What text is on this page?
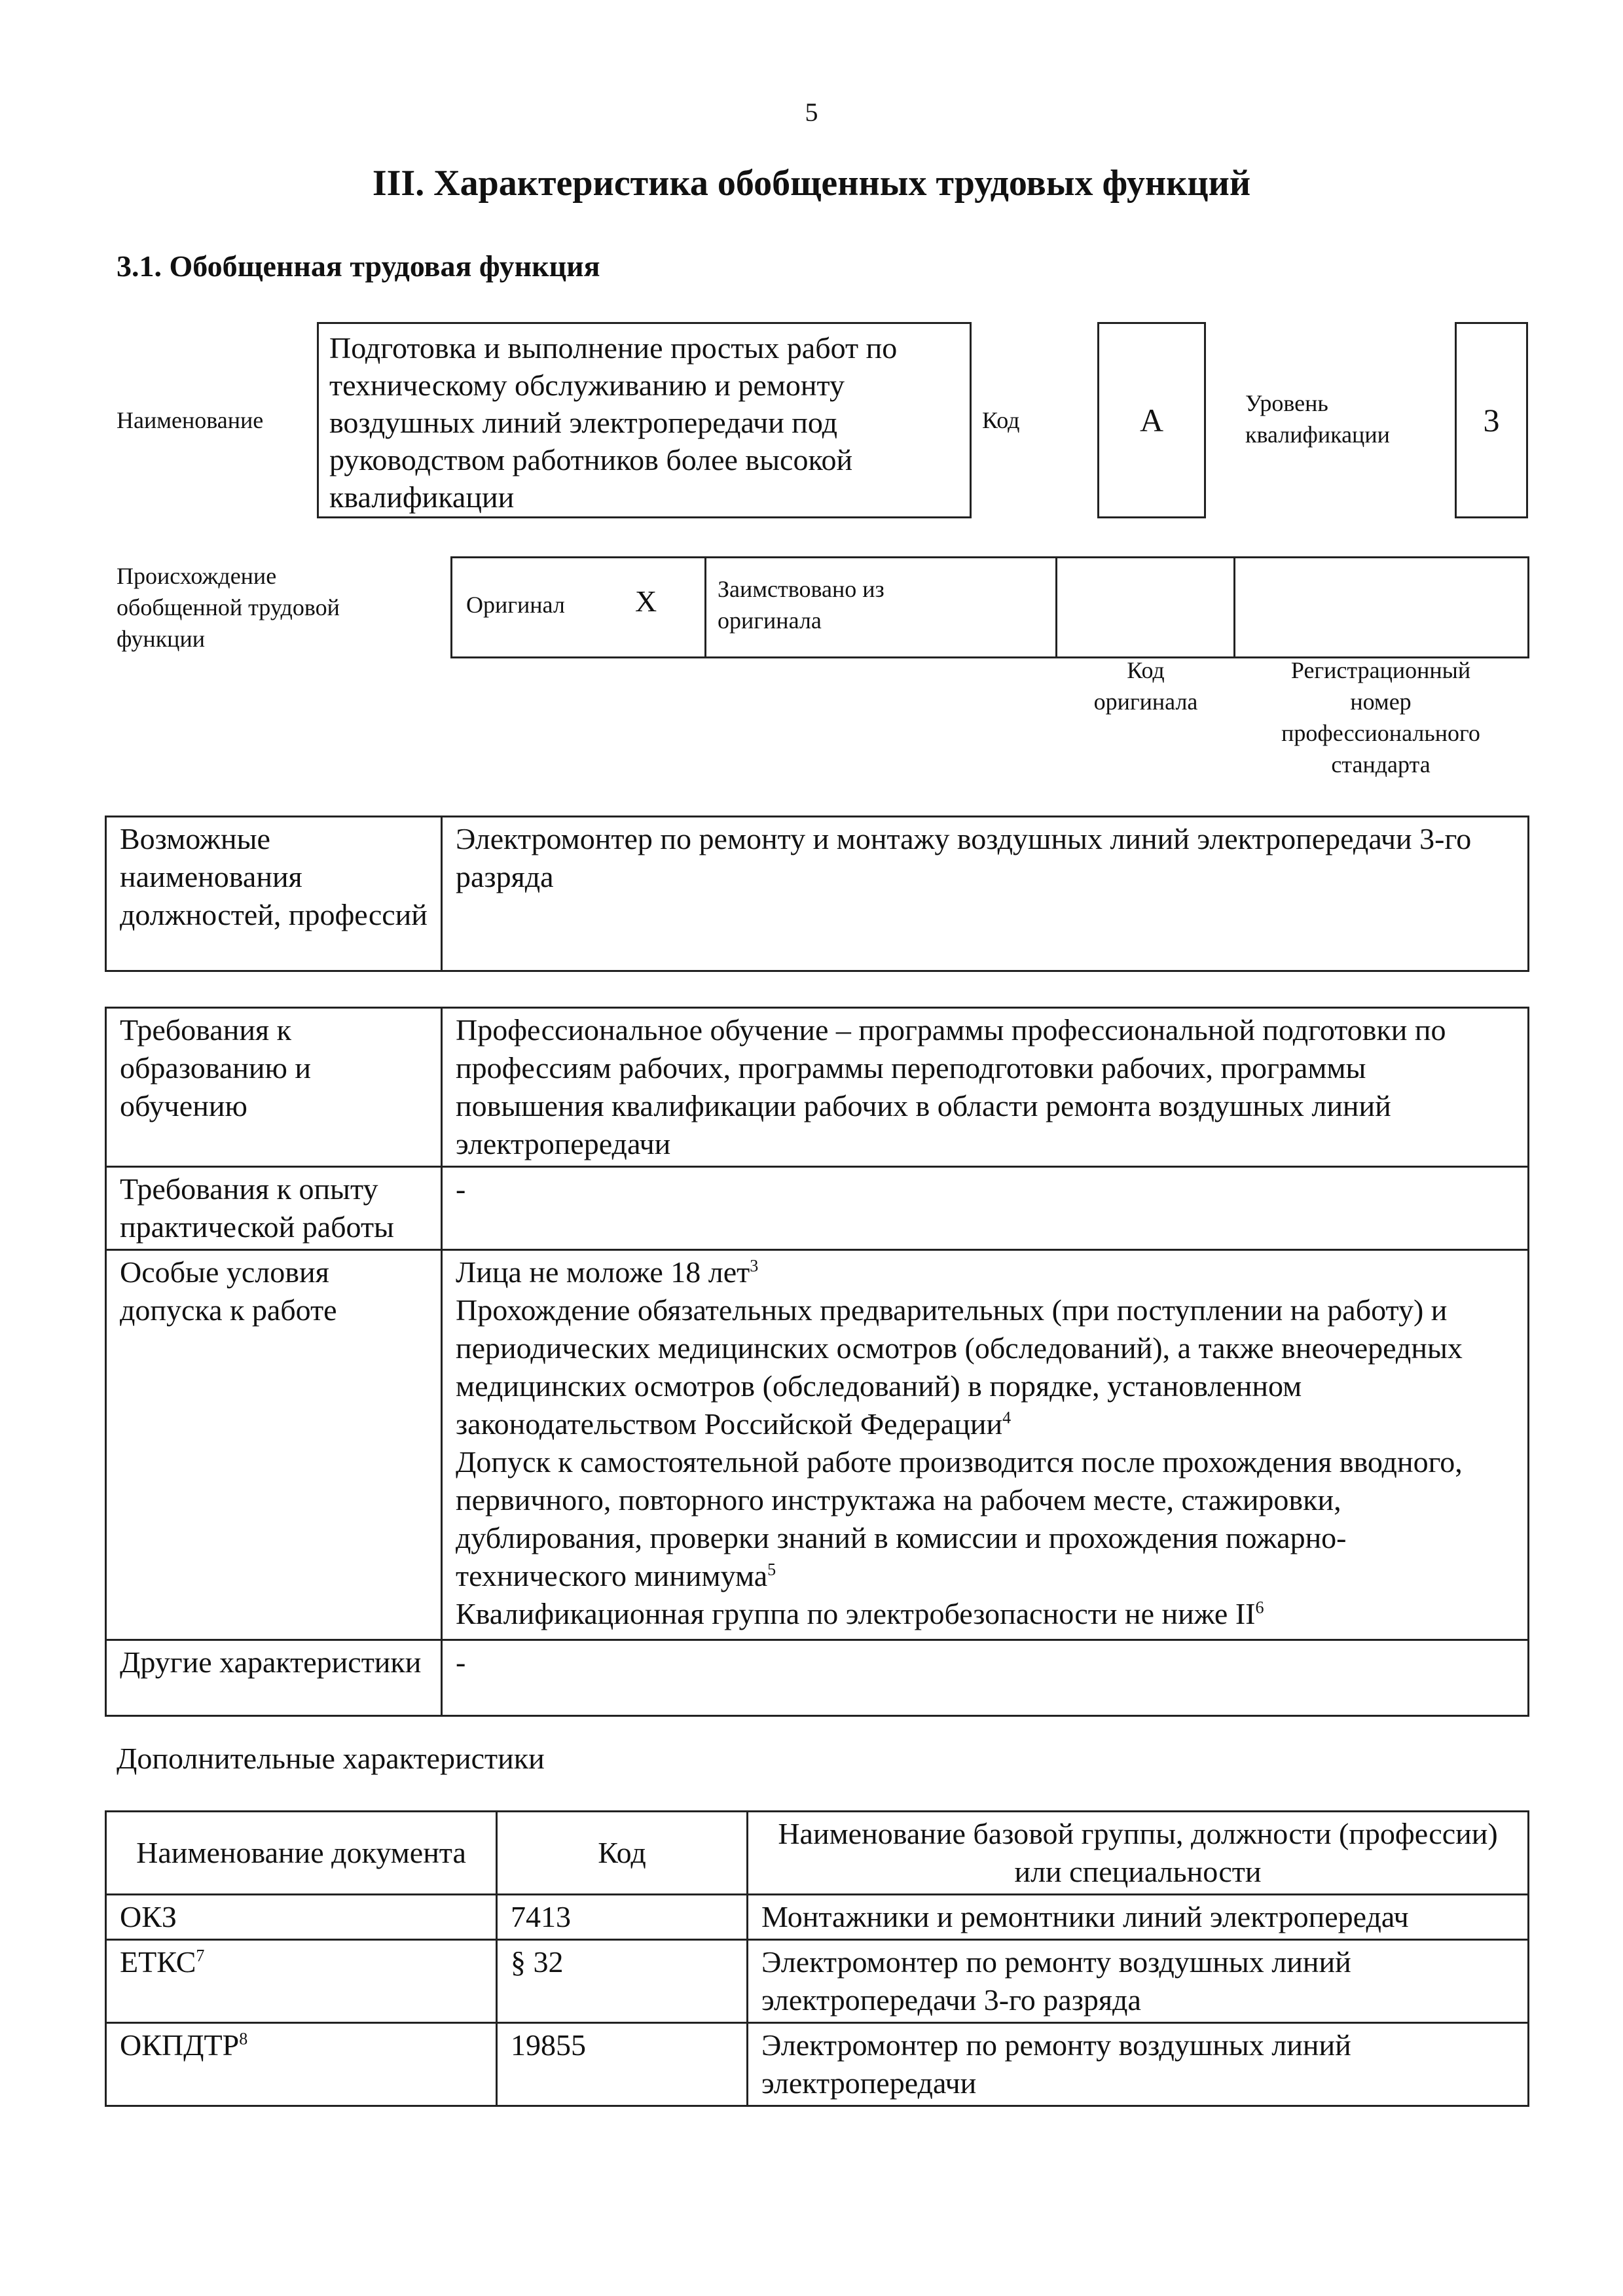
5
III. Характеристика обобщенных трудовых функций
3.1. Обобщенная трудовая функция
Наименование
Подготовка и выполнение простых работ по техническому обслуживанию и ремонту воздушных линий электропередачи под руководством работников более высокой квалификации
Код	A	Уровень
квалификации	3
Происхождение
обобщенной трудовой
функции
Оригинал X	Заимствовано из
оригинала
Код
оригинала
Регистрационный
номер
профессионального
стандарта
Возможные наименования должностей, профессий	Электромонтер по ремонту и монтажу воздушных линий электропередачи 3-го разряда
Требования к образованию и обучению	Профессиональное обучение – программы профессиональной подготовки по профессиям рабочих, программы переподготовки рабочих, программы повышения квалификации рабочих в области ремонта воздушных линий электропередачи
Требования к опыту практической работы	-
Особые условия допуска к работе	Лица не моложе 18 лет$^3$
Прохождение обязательных предварительных (при поступлении на работу) и периодических медицинских осмотров (обследований), а также внеочередных медицинских осмотров (обследований) в порядке, установленном законодательством Российской Федерации$^4$
Допуск к самостоятельной работе производится после прохождения вводного, первичного, повторного инструктажа на рабочем месте, стажировки, дублирования, проверки знаний в комиссии и прохождения пожарно-технического минимума$^5$
Квалификационная группа по электробезопасности не ниже $II^6$

Другие характеристики	-
Дополнительные характеристики
Наименование документа	Код	Наименование базовой группы, должности (профессии) или специальности
ОКЗ	7413	Монтажники и ремонтники линий электропередач
ЕТКС$^7$	§ 32	Электромонтер по ремонту воздушных линий электропередачи 3-го разряда
ОКПДТР$^8$	19855	Электромонтер по ремонту воздушных линий электропередачи
